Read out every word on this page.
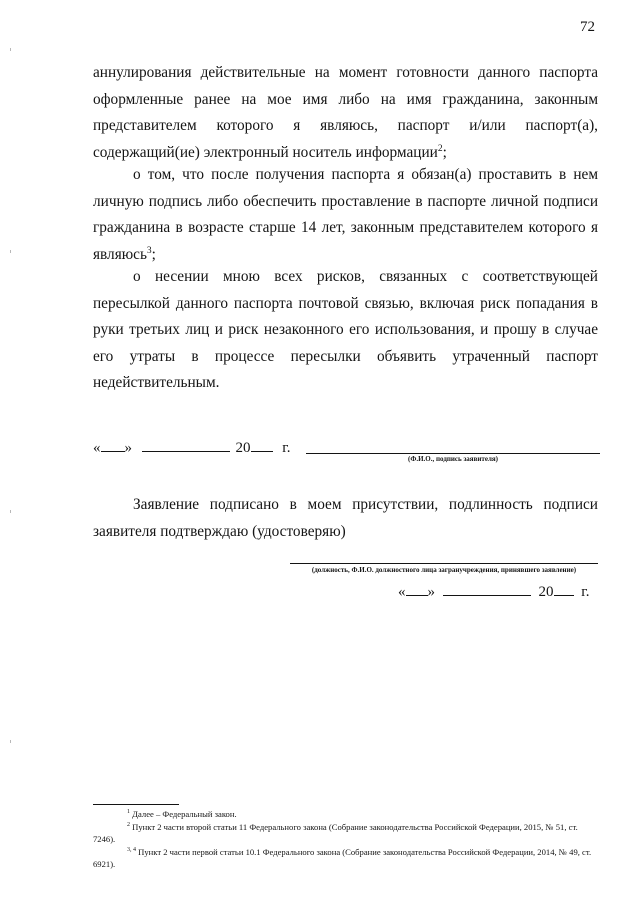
72

аннулирования действительные на момент готовности данного паспорта оформленные ранее на мое имя либо на имя гражданина, законным представителем которого я являюсь, паспорт и/или паспорт(а), содержащий(ие) электронный носитель информации$^2$;

о том, что после получения паспорта я обязан(а) проставить в нем личную подпись либо обеспечить проставление в паспорте личной подписи гражданина в возрасте старше 14 лет, законным представителем которого я являюсь$^3$;

о несении мною всех рисков, связанных с соответствующей пересылкой данного паспорта почтовой связью, включая риск попадания в руки третьих лиц и риск незаконного его использования, и прошу в случае его утраты в процессе пересылки объявить утраченный паспорт недействительным.

« »	20 г.
(Ф.И.О., подпись заявителя)

Заявление подписано в моем присутствии, подлинность подписи заявителя подтверждаю (удостоверяю)

(должность, Ф.И.О. должностного лица загранучреждения, принявшего заявление)
« »	20 г.

$^1$ Далее – Федеральный закон.

$^2$ Пункт 2 части второй статьи 11 Федерального закона (Собрание законодательства Российской Федерации, 2015, № 51, ст. 7246).

$^{3, 4}$ Пункт 2 части первой статьи 10.1 Федерального закона (Собрание законодательства Российской Федерации, 2014, № 49, ст. 6921).
